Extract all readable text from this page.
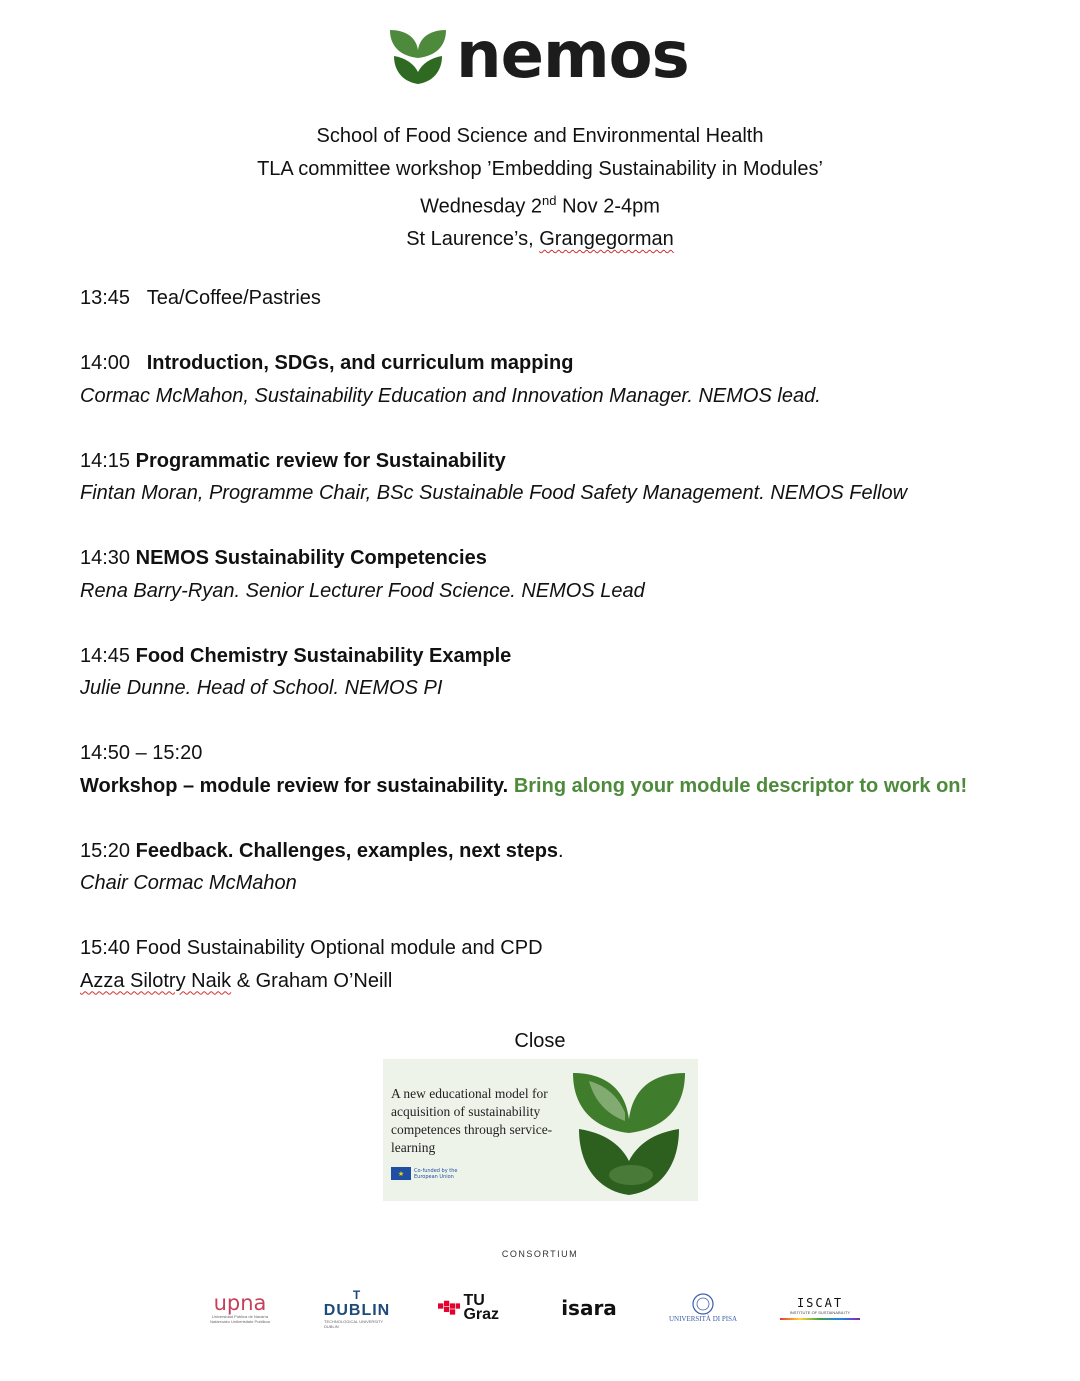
nemos
School of Food Science and Environmental Health
TLA committee workshop ’Embedding Sustainability in Modules’
Wednesday 2nd Nov 2-4pm
St Laurence’s, Grangegorman
13:45 Tea/Coffee/Pastries
14:00 Introduction, SDGs, and curriculum mapping
Cormac McMahon, Sustainability Education and Innovation Manager. NEMOS lead.
14:15 Programmatic review for Sustainability
Fintan Moran, Programme Chair, BSc Sustainable Food Safety Management. NEMOS Fellow
14:30 NEMOS Sustainability Competencies
Rena Barry-Ryan. Senior Lecturer Food Science. NEMOS Lead
14:45 Food Chemistry Sustainability Example
Julie Dunne. Head of School. NEMOS PI
14:50 – 15:20
Workshop – module review for sustainability. Bring along your module descriptor to work on!
15:20 Feedback. Challenges, examples, next steps.
Chair Cormac McMahon
15:40 Food Sustainability Optional module and CPD
Azza Silotry Naik & Graham O’Neill
Close
A new educational model for acquisition of sustainability competences through service-learning
★	Co-funded by the European Union
CONSORTIUM
upna
Universidad Pública de Navarra Nafarroako Unibertsitate Publikoa
T
DUBLIN
TECHNOLOGICAL UNIVERSITY DUBLIN
TU Graz	isara	UNIVERSITÀ DI PISA
ISCAT
INSTITUTE OF SUSTAINABILITY
